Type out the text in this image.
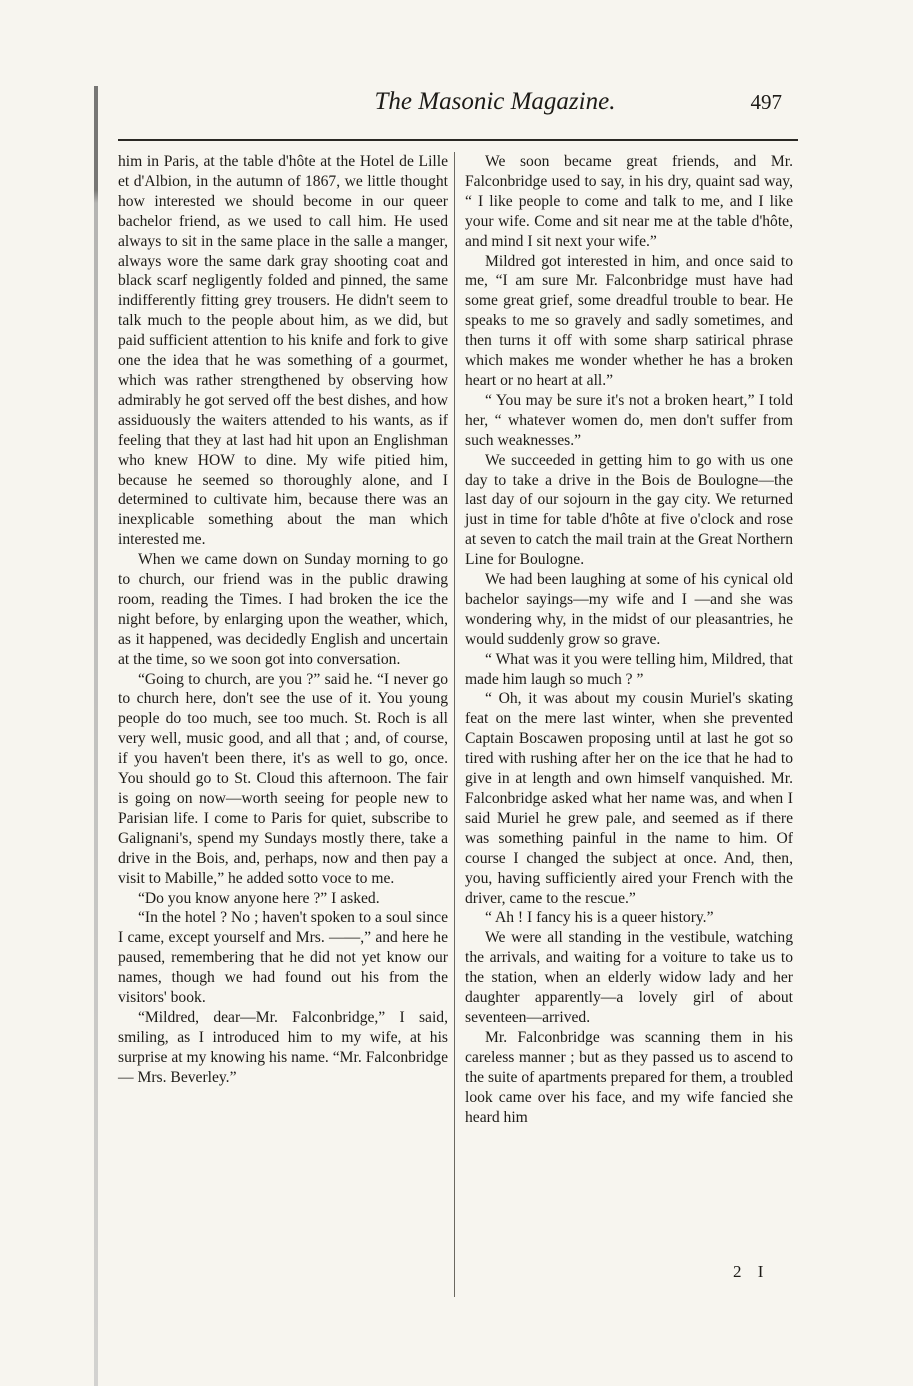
The Masonic Magazine.	497

him in Paris, at the table d'hôte at the Hotel de Lille et d'Albion, in the autumn of 1867, we little thought how interested we should become in our queer bachelor friend, as we used to call him. He used always to sit in the same place in the salle a manger, always wore the same dark gray shooting coat and black scarf negligently folded and pinned, the same indifferently fitting grey trousers. He didn't seem to talk much to the people about him, as we did, but paid sufficient attention to his knife and fork to give one the idea that he was something of a gourmet, which was rather strengthened by observing how admirably he got served off the best dishes, and how assiduously the waiters attended to his wants, as if feeling that they at last had hit upon an Englishman who knew HOW to dine. My wife pitied him, because he seemed so thoroughly alone, and I determined to cultivate him, because there was an inexplicable something about the man which interested me.

When we came down on Sunday morning to go to church, our friend was in the public drawing room, reading the Times. I had broken the ice the night before, by enlarging upon the weather, which, as it happened, was decidedly English and uncertain at the time, so we soon got into conversation.

“Going to church, are you ?” said he. “I never go to church here, don't see the use of it. You young people do too much, see too much. St. Roch is all very well, music good, and all that ; and, of course, if you haven't been there, it's as well to go, once. You should go to St. Cloud this afternoon. The fair is going on now—worth seeing for people new to Parisian life. I come to Paris for quiet, subscribe to Galignani's, spend my Sundays mostly there, take a drive in the Bois, and, perhaps, now and then pay a visit to Mabille,” he added sotto voce to me.

“Do you know anyone here ?” I asked.

“In the hotel ? No ; haven't spoken to a soul since I came, except yourself and Mrs. ——,” and here he paused, remembering that he did not yet know our names, though we had found out his from the visitors' book.

“Mildred, dear—Mr. Falconbridge,” I said, smiling, as I introduced him to my wife, at his surprise at my knowing his name. “Mr. Falconbridge— Mrs. Beverley.”

We soon became great friends, and Mr. Falconbridge used to say, in his dry, quaint sad way, “ I like people to come and talk to me, and I like your wife. Come and sit near me at the table d'hôte, and mind I sit next your wife.”

Mildred got interested in him, and once said to me, “I am sure Mr. Falconbridge must have had some great grief, some dreadful trouble to bear. He speaks to me so gravely and sadly sometimes, and then turns it off with some sharp satirical phrase which makes me wonder whether he has a broken heart or no heart at all.”

“ You may be sure it's not a broken heart,” I told her, “ whatever women do, men don't suffer from such weaknesses.”

We succeeded in getting him to go with us one day to take a drive in the Bois de Boulogne—the last day of our sojourn in the gay city. We returned just in time for table d'hôte at five o'clock and rose at seven to catch the mail train at the Great Northern Line for Boulogne.

We had been laughing at some of his cynical old bachelor sayings—my wife and I —and she was wondering why, in the midst of our pleasantries, he would suddenly grow so grave.

“ What was it you were telling him, Mildred, that made him laugh so much ? ”

“ Oh, it was about my cousin Muriel's skating feat on the mere last winter, when she prevented Captain Boscawen proposing until at last he got so tired with rushing after her on the ice that he had to give in at length and own himself vanquished. Mr. Falconbridge asked what her name was, and when I said Muriel he grew pale, and seemed as if there was something painful in the name to him. Of course I changed the subject at once. And, then, you, having sufficiently aired your French with the driver, came to the rescue.”

“ Ah ! I fancy his is a queer history.”

We were all standing in the vestibule, watching the arrivals, and waiting for a voiture to take us to the station, when an elderly widow lady and her daughter apparently—a lovely girl of about seventeen—arrived.

Mr. Falconbridge was scanning them in his careless manner ; but as they passed us to ascend to the suite of apartments prepared for them, a troubled look came over his face, and my wife fancied she heard him

2 I
